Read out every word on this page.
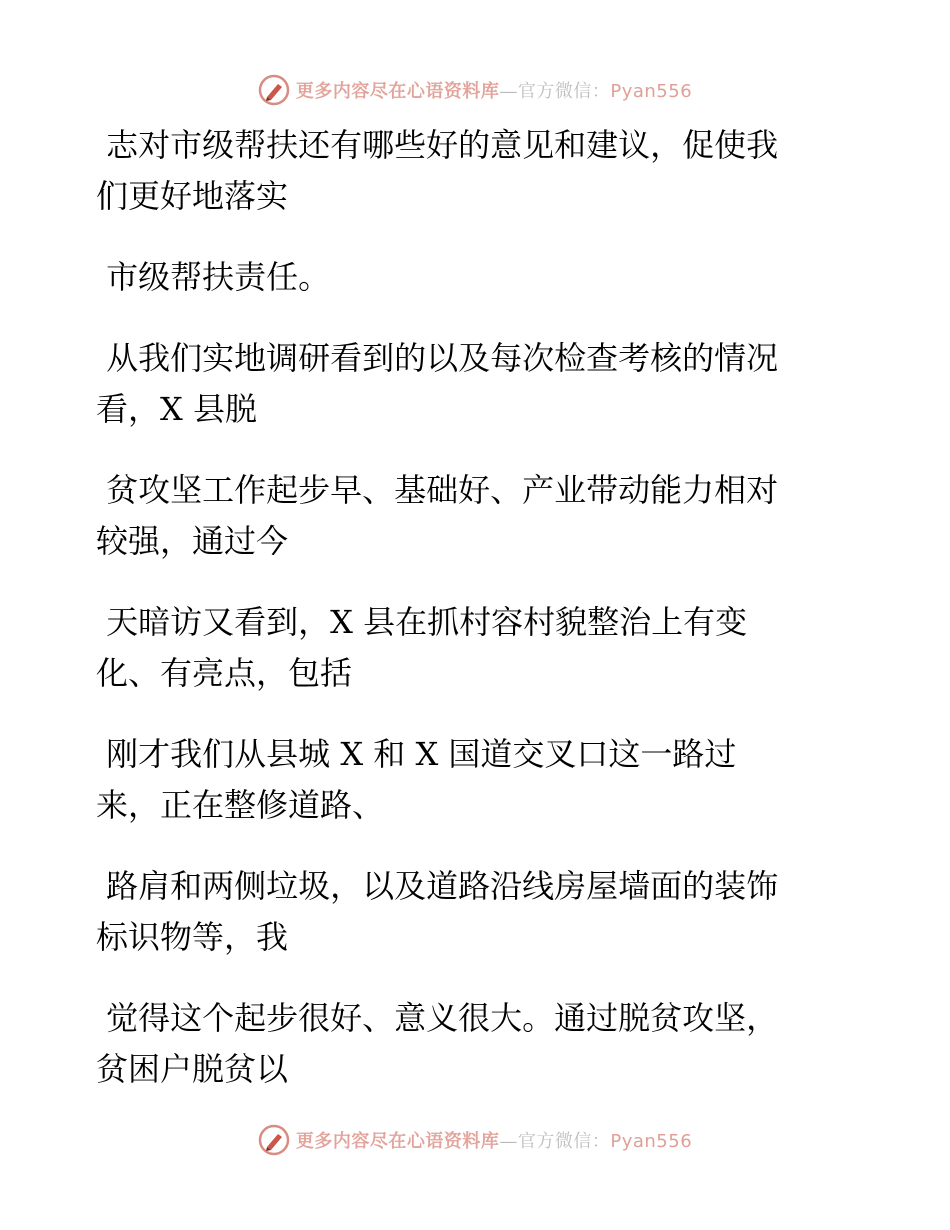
更多内容尽在心语资料库—官方微信：Pyan556

志对市级帮扶还有哪些好的意见和建议，促使我
们更好地落实

市级帮扶责任。

从我们实地调研看到的以及每次检查考核的情况
看，X 县脱

贫攻坚工作起步早、基础好、产业带动能力相对
较强，通过今

天暗访又看到，X 县在抓村容村貌整治上有变
化、有亮点，包括

刚才我们从县城 X 和 X 国道交叉口这一路过
来，正在整修道路、

路肩和两侧垃圾，以及道路沿线房屋墙面的装饰
标识物等，我

觉得这个起步很好、意义很大。通过脱贫攻坚，
贫困户脱贫以

更多内容尽在心语资料库—官方微信：Pyan556
